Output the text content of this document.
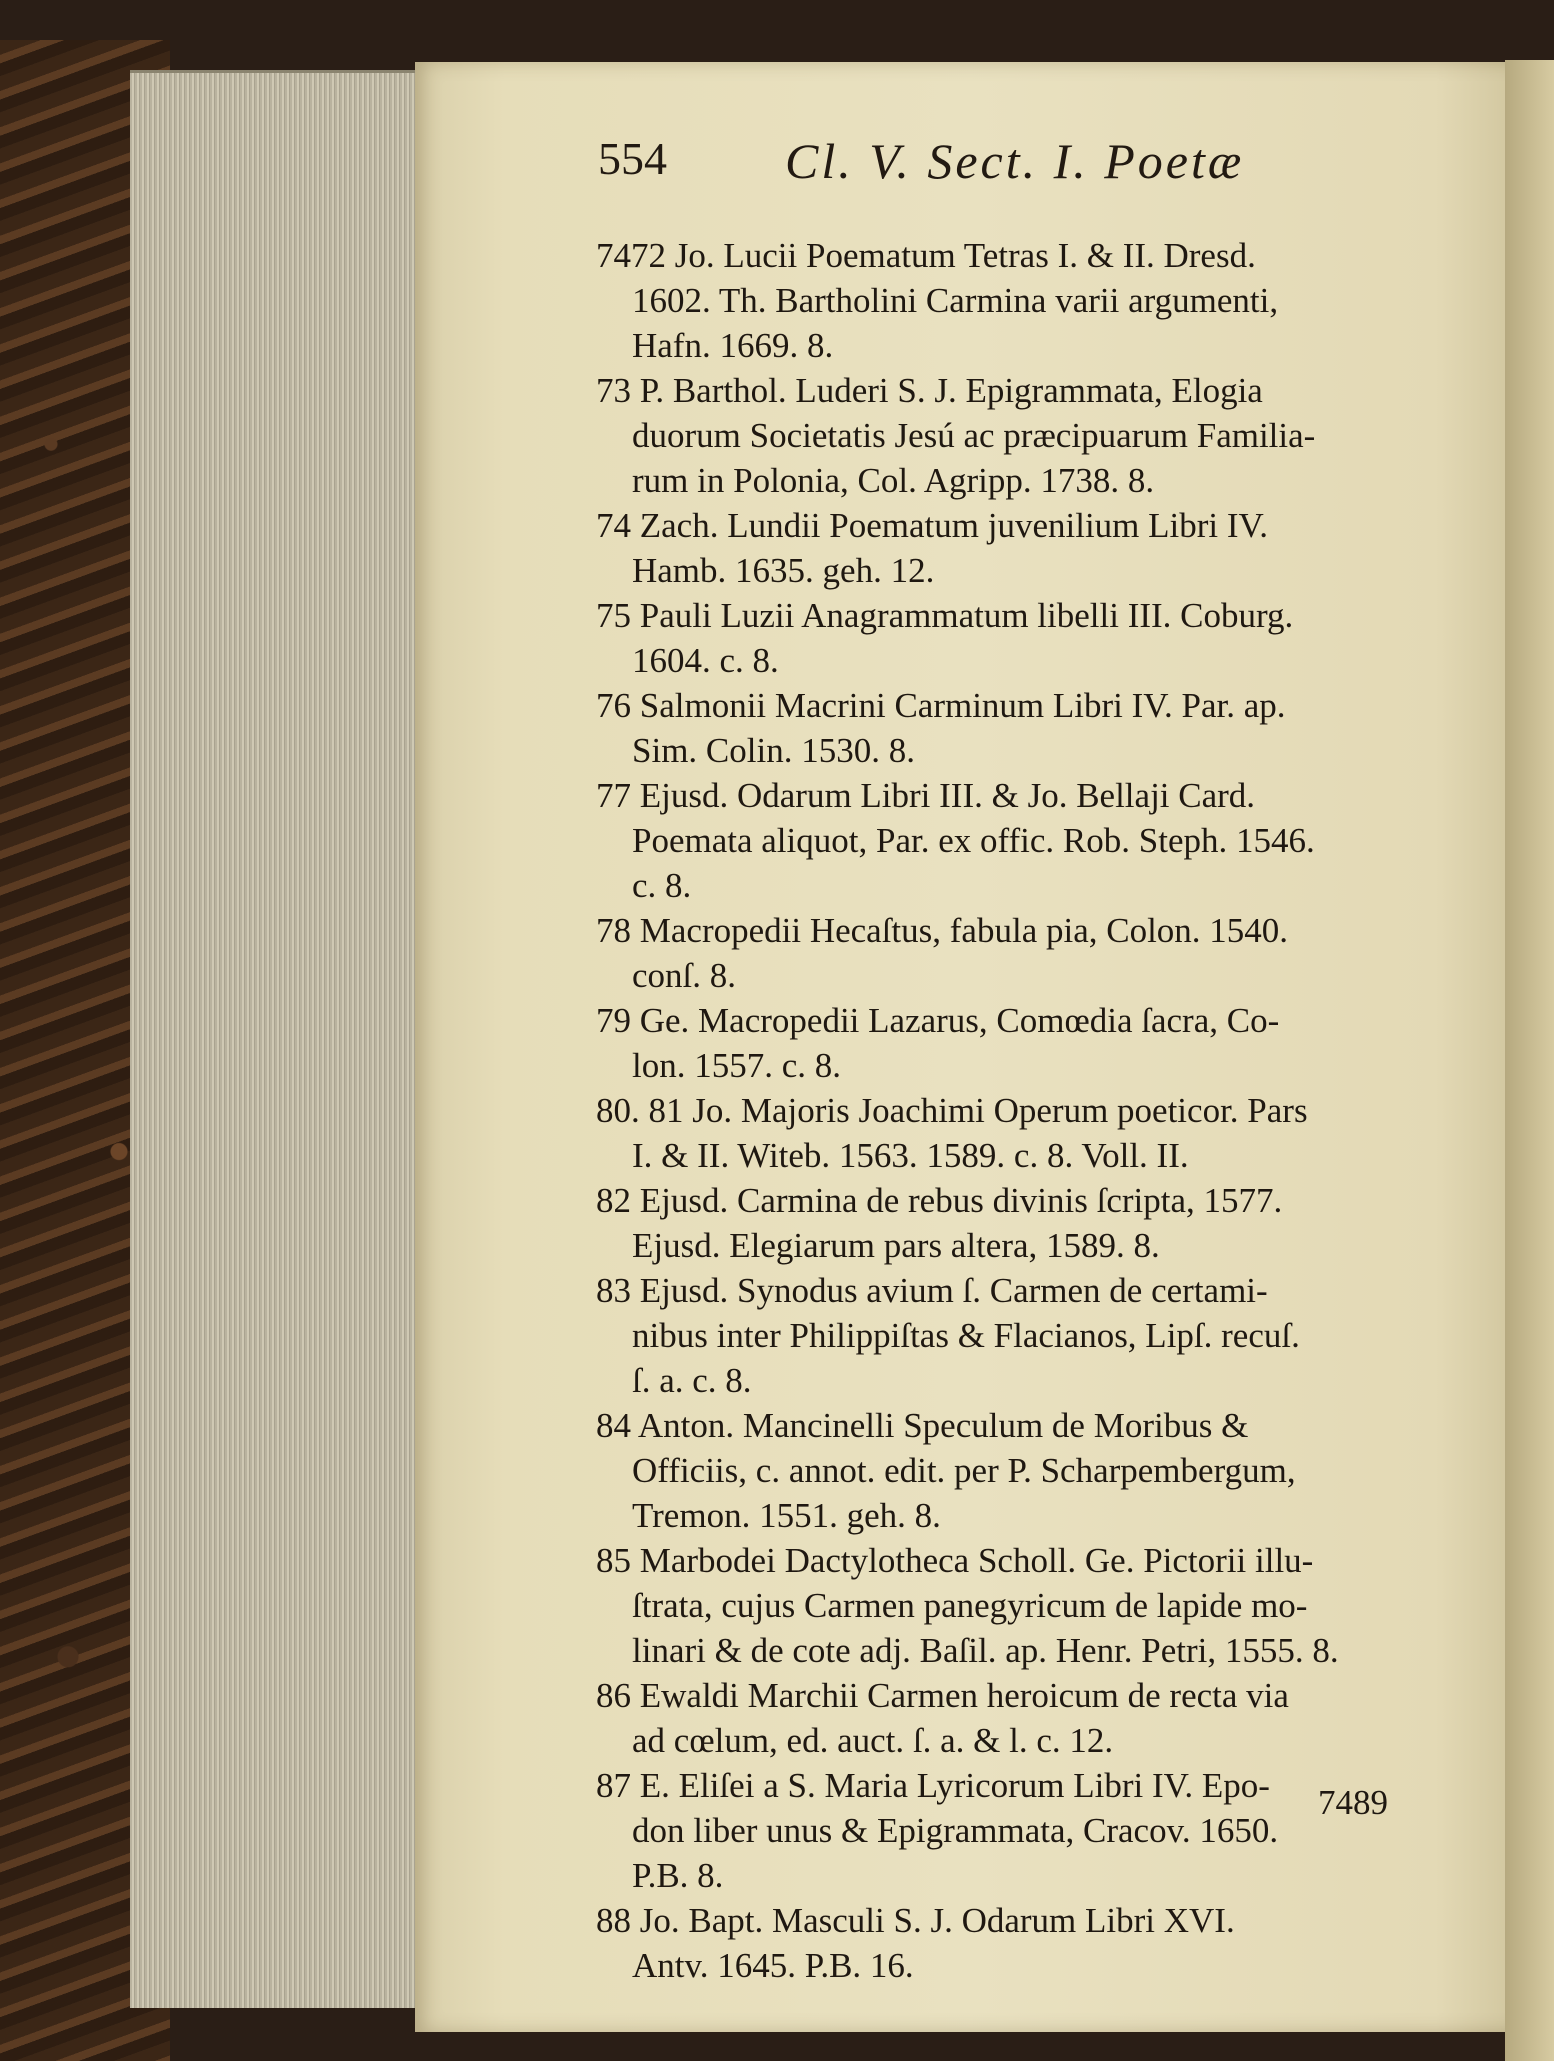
554 Cl. V. Sect. I. Poetæ
7472 Jo. Lucii Poematum Tetras I. & II. Dresd.
1602. Th. Bartholini Carmina varii argumenti,
Hafn. 1669. 8.
73 P. Barthol. Luderi S. J. Epigrammata, Elogia
duorum Societatis Jesú ac præcipuarum Familia-
rum in Polonia, Col. Agripp. 1738. 8.
74 Zach. Lundii Poematum juvenilium Libri IV.
Hamb. 1635. geh. 12.
75 Pauli Luzii Anagrammatum libelli III. Coburg.
1604. c. 8.
76 Salmonii Macrini Carminum Libri IV. Par. ap.
Sim. Colin. 1530. 8.
77 Ejusd. Odarum Libri III. & Jo. Bellaji Card.
Poemata aliquot, Par. ex offic. Rob. Steph. 1546.
c. 8.
78 Macropedii Hecaſtus, fabula pia, Colon. 1540.
conſ. 8.
79 Ge. Macropedii Lazarus, Comœdia ſacra, Co-
lon. 1557. c. 8.
80. 81 Jo. Majoris Joachimi Operum poeticor. Pars
I. & II. Witeb. 1563. 1589. c. 8. Voll. II.
82 Ejusd. Carmina de rebus divinis ſcripta, 1577.
Ejusd. Elegiarum pars altera, 1589. 8.
83 Ejusd. Synodus avium ſ. Carmen de certami-
nibus inter Philippiſtas & Flacianos, Lipſ. recuſ.
ſ. a. c. 8.
84 Anton. Mancinelli Speculum de Moribus &
Officiis, c. annot. edit. per P. Scharpembergum,
Tremon. 1551. geh. 8.
85 Marbodei Dactylotheca Scholl. Ge. Pictorii illu-
ſtrata, cujus Carmen panegyricum de lapide mo-
linari & de cote adj. Baſil. ap. Henr. Petri, 1555. 8.
86 Ewaldi Marchii Carmen heroicum de recta via
ad cœlum, ed. auct. ſ. a. & l. c. 12.
87 E. Eliſei a S. Maria Lyricorum Libri IV. Epo-
don liber unus & Epigrammata, Cracov. 1650.
P.B. 8.
88 Jo. Bapt. Masculi S. J. Odarum Libri XVI.
Antv. 1645. P.B. 16.
7489
